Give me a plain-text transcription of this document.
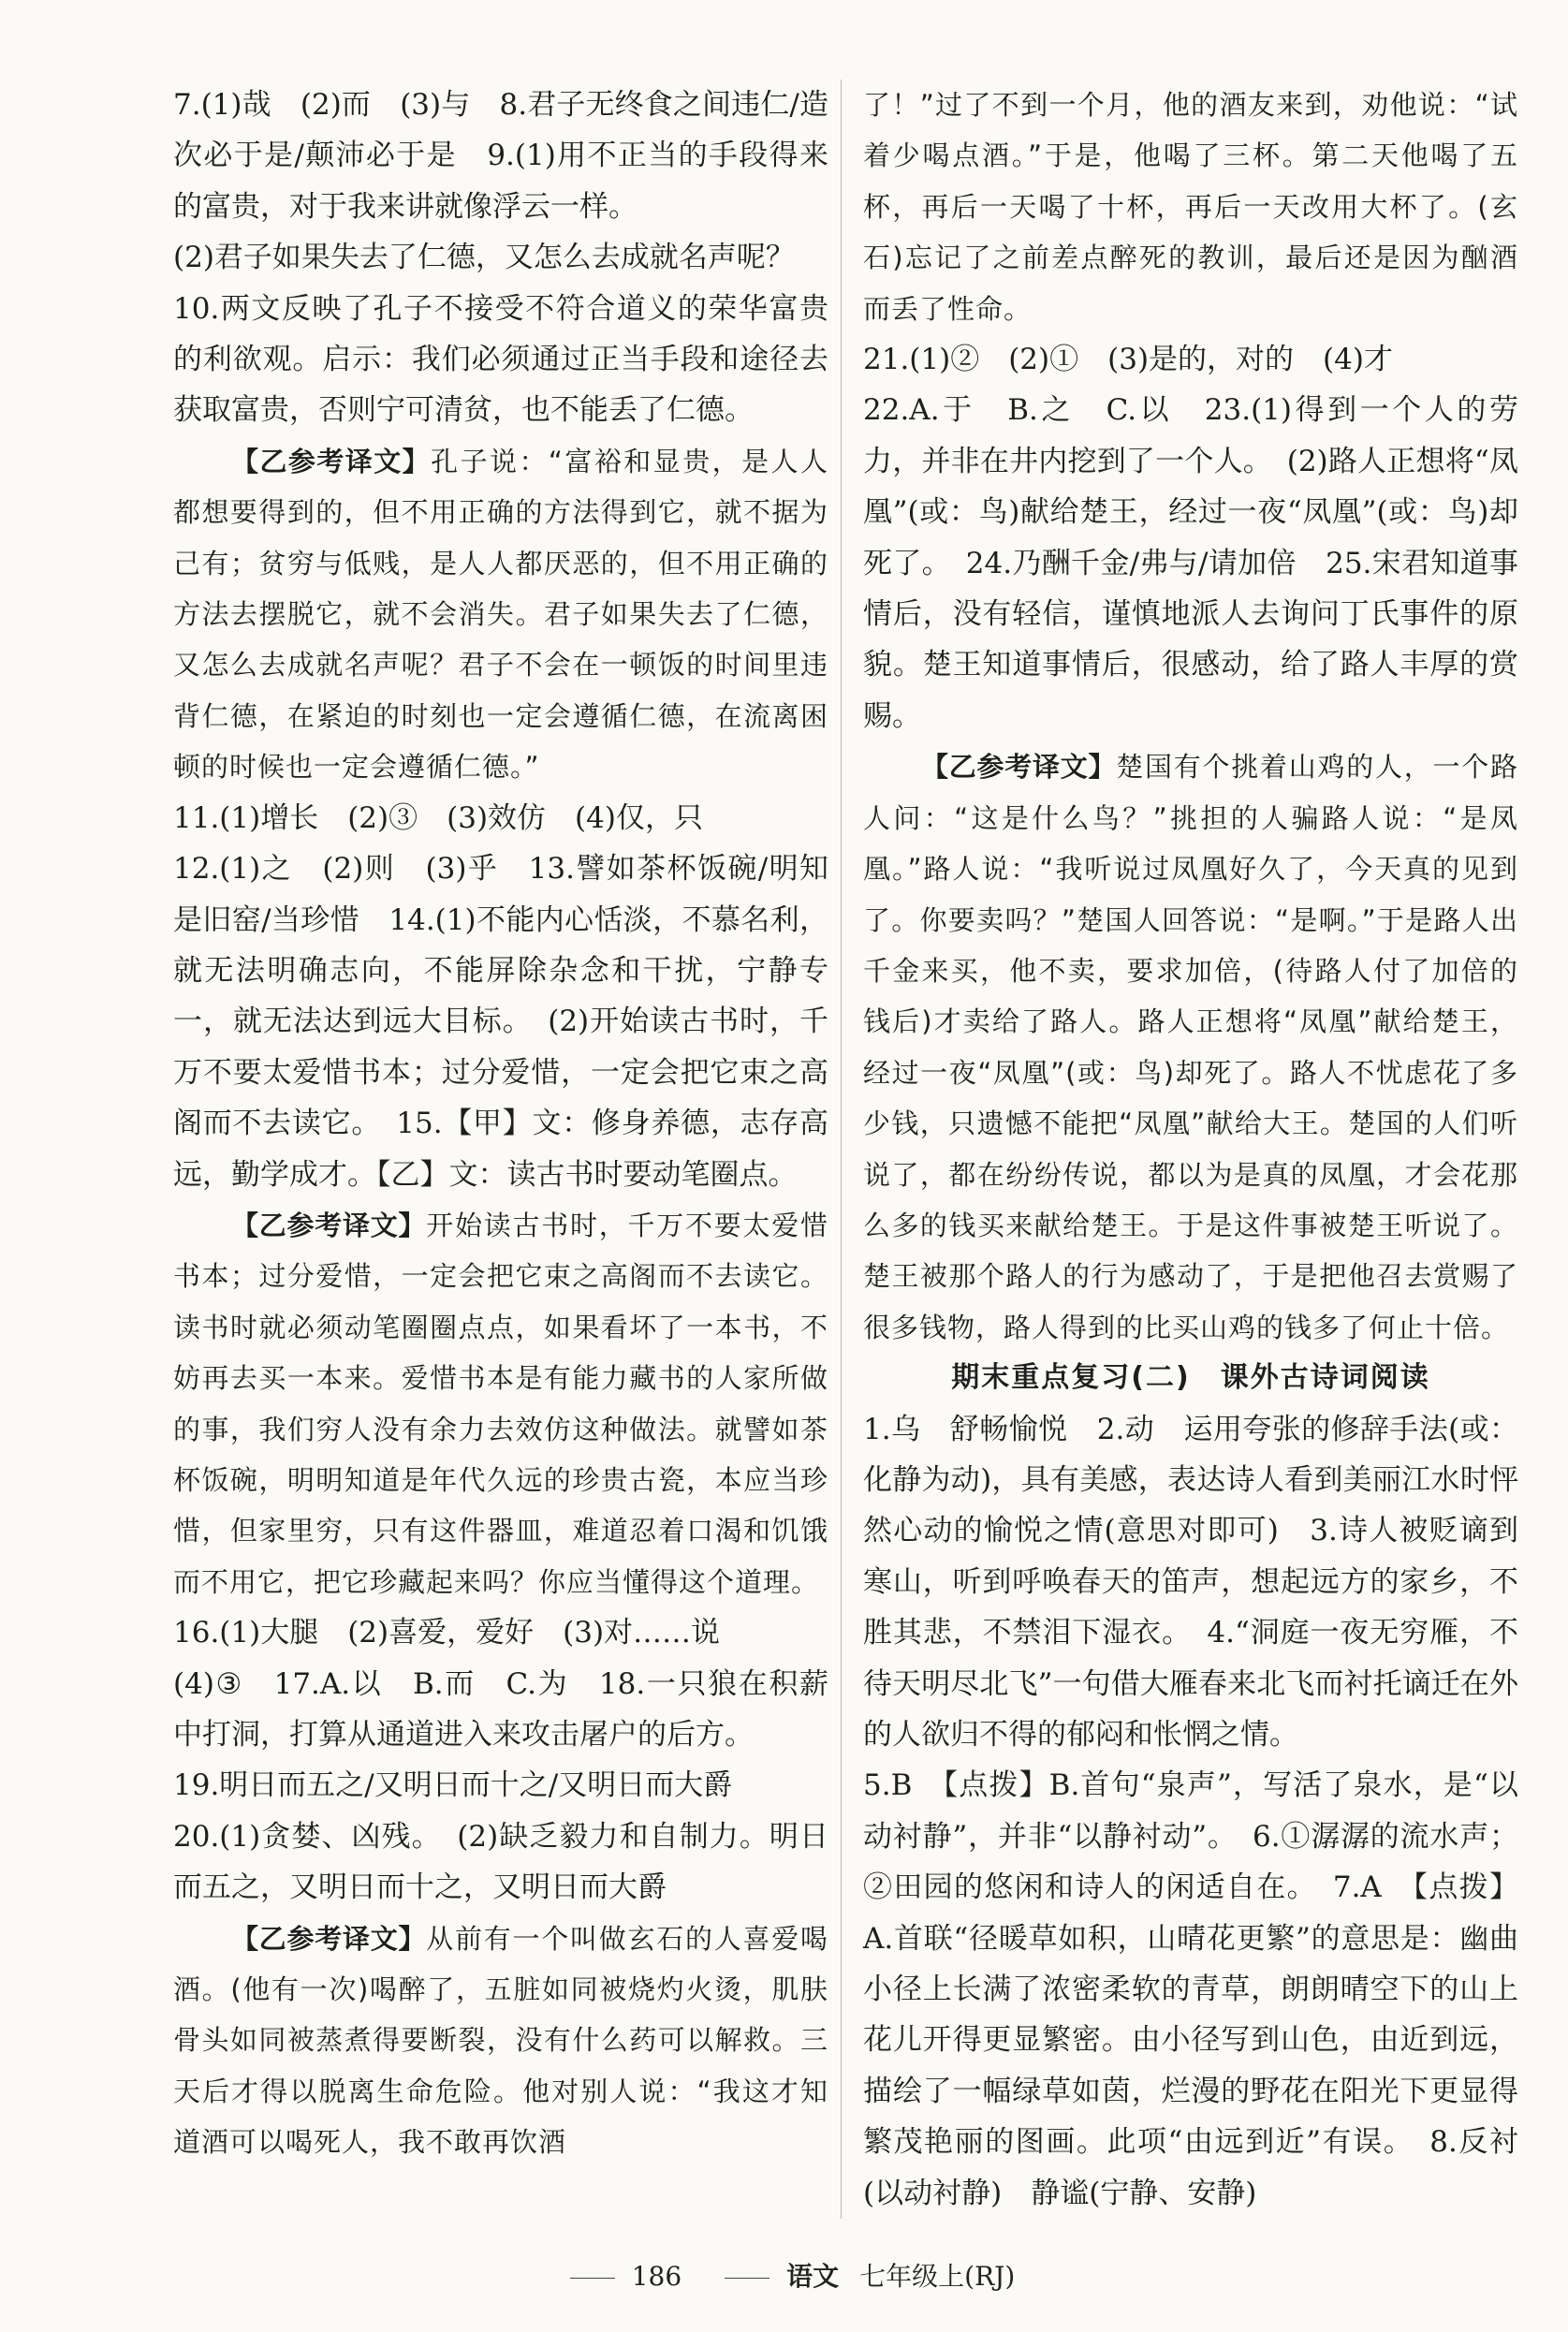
7.(1)哉　(2)而　(3)与　8.君子无终食之间违仁/造次必于是/颠沛必于是　9.(1)用不正当的手段得来的富贵，对于我来讲就像浮云一样。

(2)君子如果失去了仁德，又怎么去成就名声呢？

10.两文反映了孔子不接受不符合道义的荣华富贵的利欲观。启示：我们必须通过正当手段和途径去获取富贵，否则宁可清贫，也不能丢了仁德。

【乙参考译文】孔子说：“富裕和显贵，是人人都想要得到的，但不用正确的方法得到它，就不据为己有；贫穷与低贱，是人人都厌恶的，但不用正确的方法去摆脱它，就不会消失。君子如果失去了仁德，又怎么去成就名声呢？君子不会在一顿饭的时间里违背仁德，在紧迫的时刻也一定会遵循仁德，在流离困顿的时候也一定会遵循仁德。”

11.(1)增长　(2)③　(3)效仿　(4)仅，只

12.(1)之　(2)则　(3)乎　13.譬如茶杯饭碗/明知是旧窑/当珍惜　14.(1)不能内心恬淡，不慕名利，就无法明确志向，不能屏除杂念和干扰，宁静专一，就无法达到远大目标。　(2)开始读古书时，千万不要太爱惜书本；过分爱惜，一定会把它束之高阁而不去读它。　15.【甲】文：修身养德，志存高远，勤学成才。【乙】文：读古书时要动笔圈点。

【乙参考译文】开始读古书时，千万不要太爱惜书本；过分爱惜，一定会把它束之高阁而不去读它。读书时就必须动笔圈圈点点，如果看坏了一本书，不妨再去买一本来。爱惜书本是有能力藏书的人家所做的事，我们穷人没有余力去效仿这种做法。就譬如茶杯饭碗，明明知道是年代久远的珍贵古瓷，本应当珍惜，但家里穷，只有这件器皿，难道忍着口渴和饥饿而不用它，把它珍藏起来吗？你应当懂得这个道理。

16.(1)大腿　(2)喜爱，爱好　(3)对……说

(4)③　17.A.以　B.而　C.为　18.一只狼在积薪中打洞，打算从通道进入来攻击屠户的后方。

19.明日而五之/又明日而十之/又明日而大爵

20.(1)贪婪、凶残。　(2)缺乏毅力和自制力。明日而五之，又明日而十之，又明日而大爵

【乙参考译文】从前有一个叫做玄石的人喜爱喝酒。(他有一次)喝醉了，五脏如同被烧灼火烫，肌肤骨头如同被蒸煮得要断裂，没有什么药可以解救。三天后才得以脱离生命危险。他对别人说：“我这才知道酒可以喝死人，我不敢再饮酒

了！”过了不到一个月，他的酒友来到，劝他说：“试着少喝点酒。”于是，他喝了三杯。第二天他喝了五杯，再后一天喝了十杯，再后一天改用大杯了。(玄石)忘记了之前差点醉死的教训，最后还是因为酗酒而丢了性命。

21.(1)②　(2)①　(3)是的，对的　(4)才

22.A.于　B.之　C.以　23.(1)得到一个人的劳力，并非在井内挖到了一个人。　(2)路人正想将“凤凰”(或：鸟)献给楚王，经过一夜“凤凰”(或：鸟)却死了。　24.乃酬千金/弗与/请加倍　25.宋君知道事情后，没有轻信，谨慎地派人去询问丁氏事件的原貌。楚王知道事情后，很感动，给了路人丰厚的赏赐。

【乙参考译文】楚国有个挑着山鸡的人，一个路人问：“这是什么鸟？”挑担的人骗路人说：“是凤凰。”路人说：“我听说过凤凰好久了，今天真的见到了。你要卖吗？”楚国人回答说：“是啊。”于是路人出千金来买，他不卖，要求加倍，(待路人付了加倍的钱后)才卖给了路人。路人正想将“凤凰”献给楚王，经过一夜“凤凰”(或：鸟)却死了。路人不忧虑花了多少钱，只遗憾不能把“凤凰”献给大王。楚国的人们听说了，都在纷纷传说，都以为是真的凤凰，才会花那么多的钱买来献给楚王。于是这件事被楚王听说了。楚王被那个路人的行为感动了，于是把他召去赏赐了很多钱物，路人得到的比买山鸡的钱多了何止十倍。

期末重点复习(二)　课外古诗词阅读

1.乌　舒畅愉悦　2.动　运用夸张的修辞手法(或：化静为动)，具有美感，表达诗人看到美丽江水时怦然心动的愉悦之情(意思对即可)　3.诗人被贬谪到寒山，听到呼唤春天的笛声，想起远方的家乡，不胜其悲，不禁泪下湿衣。　4.“洞庭一夜无穷雁，不待天明尽北飞”一句借大雁春来北飞而衬托谪迁在外的人欲归不得的郁闷和怅惘之情。

5.B　【点拨】B.首句“泉声”，写活了泉水，是“以动衬静”，并非“以静衬动”。　6.①潺潺的流水声；②田园的悠闲和诗人的闲适自在。　7.A　【点拨】A.首联“径暖草如积，山晴花更繁”的意思是：幽曲小径上长满了浓密柔软的青草，朗朗晴空下的山上花儿开得更显繁密。由小径写到山色，由近到远，描绘了一幅绿草如茵，烂漫的野花在阳光下更显得繁茂艳丽的图画。此项“由远到近”有误。　8.反衬(以动衬静)　静谧(宁静、安静)

186	语文 七年级上(RJ)
